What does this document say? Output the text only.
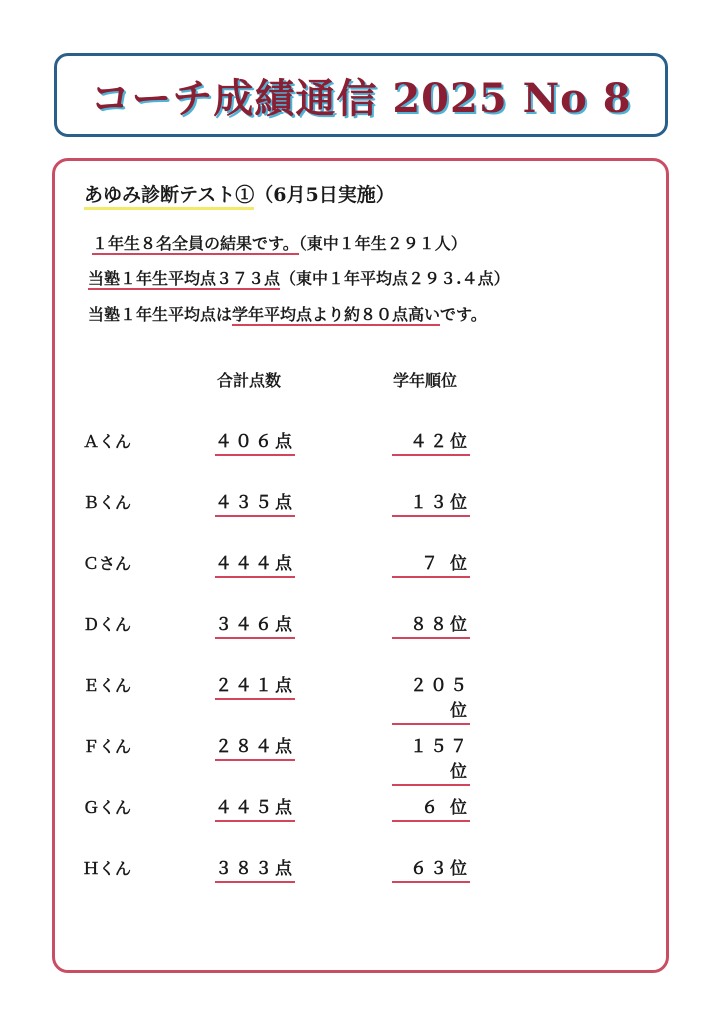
コーチ成績通信 2025 No 8
あゆみ診断テスト①（6月5日実施）
１年生８名全員の結果です。（東中１年生２９１人）
当塾１年生平均点３７３点（東中１年平均点２９３.４点）
当塾１年生平均点は学年平均点より約８０点高いです。
合計点数	学年順位
Ａくん	４０６点	４２位
Ｂくん	４３５点	１３位
Ｃさん	４４４点	７ 位
Ｄくん	３４６点	８８位
Ｅくん	２４１点	２０５位
Ｆくん	２８４点	１５７位
Ｇくん	４４５点	６ 位
Ｈくん	３８３点	６３位
